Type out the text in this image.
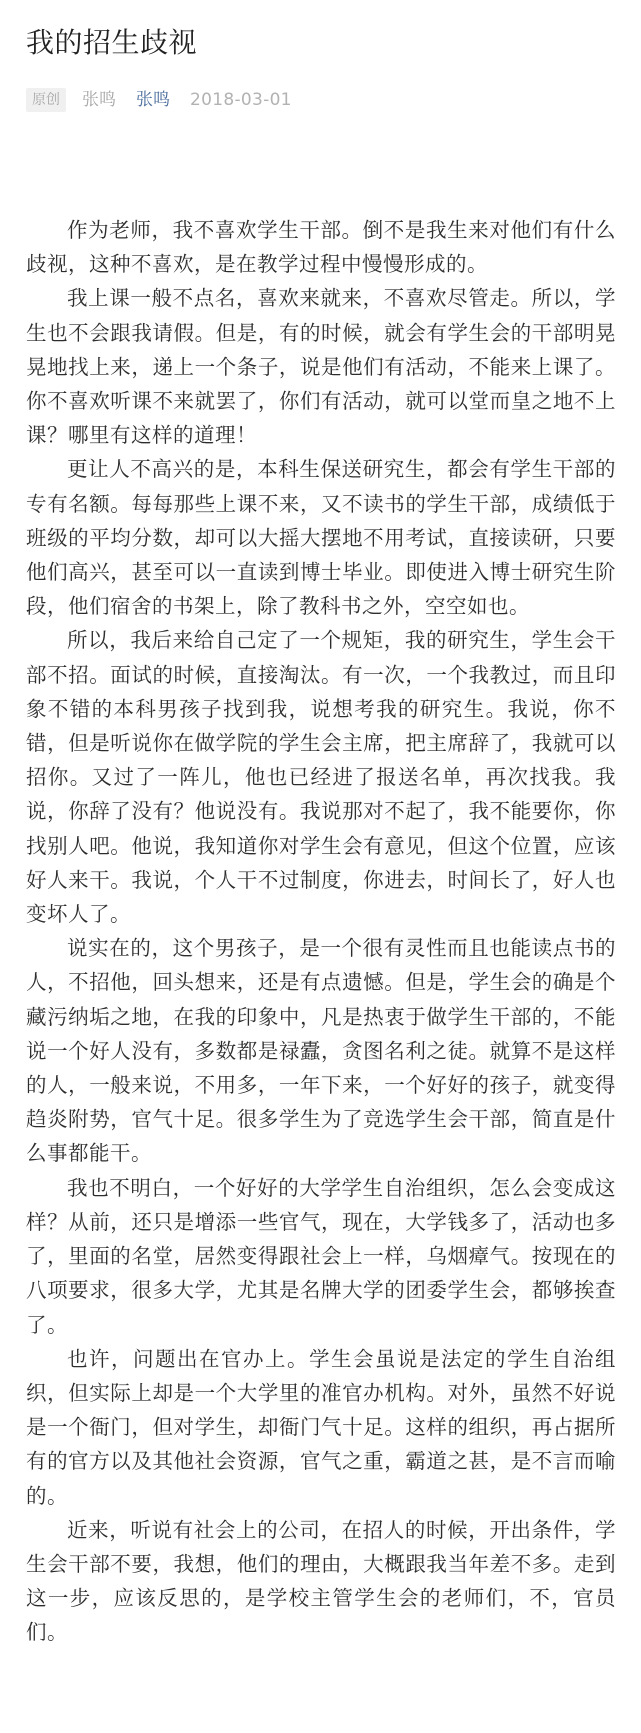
我的招生歧视
原创	张鸣 张鸣 2018-03-01

作为老师，我不喜欢学生干部。倒不是我生来对他们有什么歧视，这种不喜欢，是在教学过程中慢慢形成的。

我上课一般不点名，喜欢来就来，不喜欢尽管走。所以，学生也不会跟我请假。但是，有的时候，就会有学生会的干部明晃晃地找上来，递上一个条子，说是他们有活动，不能来上课了。你不喜欢听课不来就罢了，你们有活动，就可以堂而皇之地不上课？哪里有这样的道理！

更让人不高兴的是，本科生保送研究生，都会有学生干部的专有名额。每每那些上课不来，又不读书的学生干部，成绩低于班级的平均分数，却可以大摇大摆地不用考试，直接读研，只要他们高兴，甚至可以一直读到博士毕业。即使进入博士研究生阶段，他们宿舍的书架上，除了教科书之外，空空如也。

所以，我后来给自己定了一个规矩，我的研究生，学生会干部不招。面试的时候，直接淘汰。有一次，一个我教过，而且印象不错的本科男孩子找到我，说想考我的研究生。我说，你不错，但是听说你在做学院的学生会主席，把主席辞了，我就可以招你。又过了一阵儿，他也已经进了报送名单，再次找我。我说，你辞了没有？他说没有。我说那对不起了，我不能要你，你找别人吧。他说，我知道你对学生会有意见，但这个位置，应该好人来干。我说，个人干不过制度，你进去，时间长了，好人也变坏人了。

说实在的，这个男孩子，是一个很有灵性而且也能读点书的人，不招他，回头想来，还是有点遗憾。但是，学生会的确是个藏污纳垢之地，在我的印象中，凡是热衷于做学生干部的，不能说一个好人没有，多数都是禄蠹，贪图名利之徒。就算不是这样的人，一般来说，不用多，一年下来，一个好好的孩子，就变得趋炎附势，官气十足。很多学生为了竞选学生会干部，简直是什么事都能干。

我也不明白，一个好好的大学学生自治组织，怎么会变成这样？从前，还只是增添一些官气，现在，大学钱多了，活动也多了，里面的名堂，居然变得跟社会上一样，乌烟瘴气。按现在的八项要求，很多大学，尤其是名牌大学的团委学生会，都够挨查了。

也许，问题出在官办上。学生会虽说是法定的学生自治组织，但实际上却是一个大学里的准官办机构。对外，虽然不好说是一个衙门，但对学生，却衙门气十足。这样的组织，再占据所有的官方以及其他社会资源，官气之重，霸道之甚，是不言而喻的。

近来，听说有社会上的公司，在招人的时候，开出条件，学生会干部不要，我想，他们的理由，大概跟我当年差不多。走到这一步，应该反思的，是学校主管学生会的老师们，不，官员们。
